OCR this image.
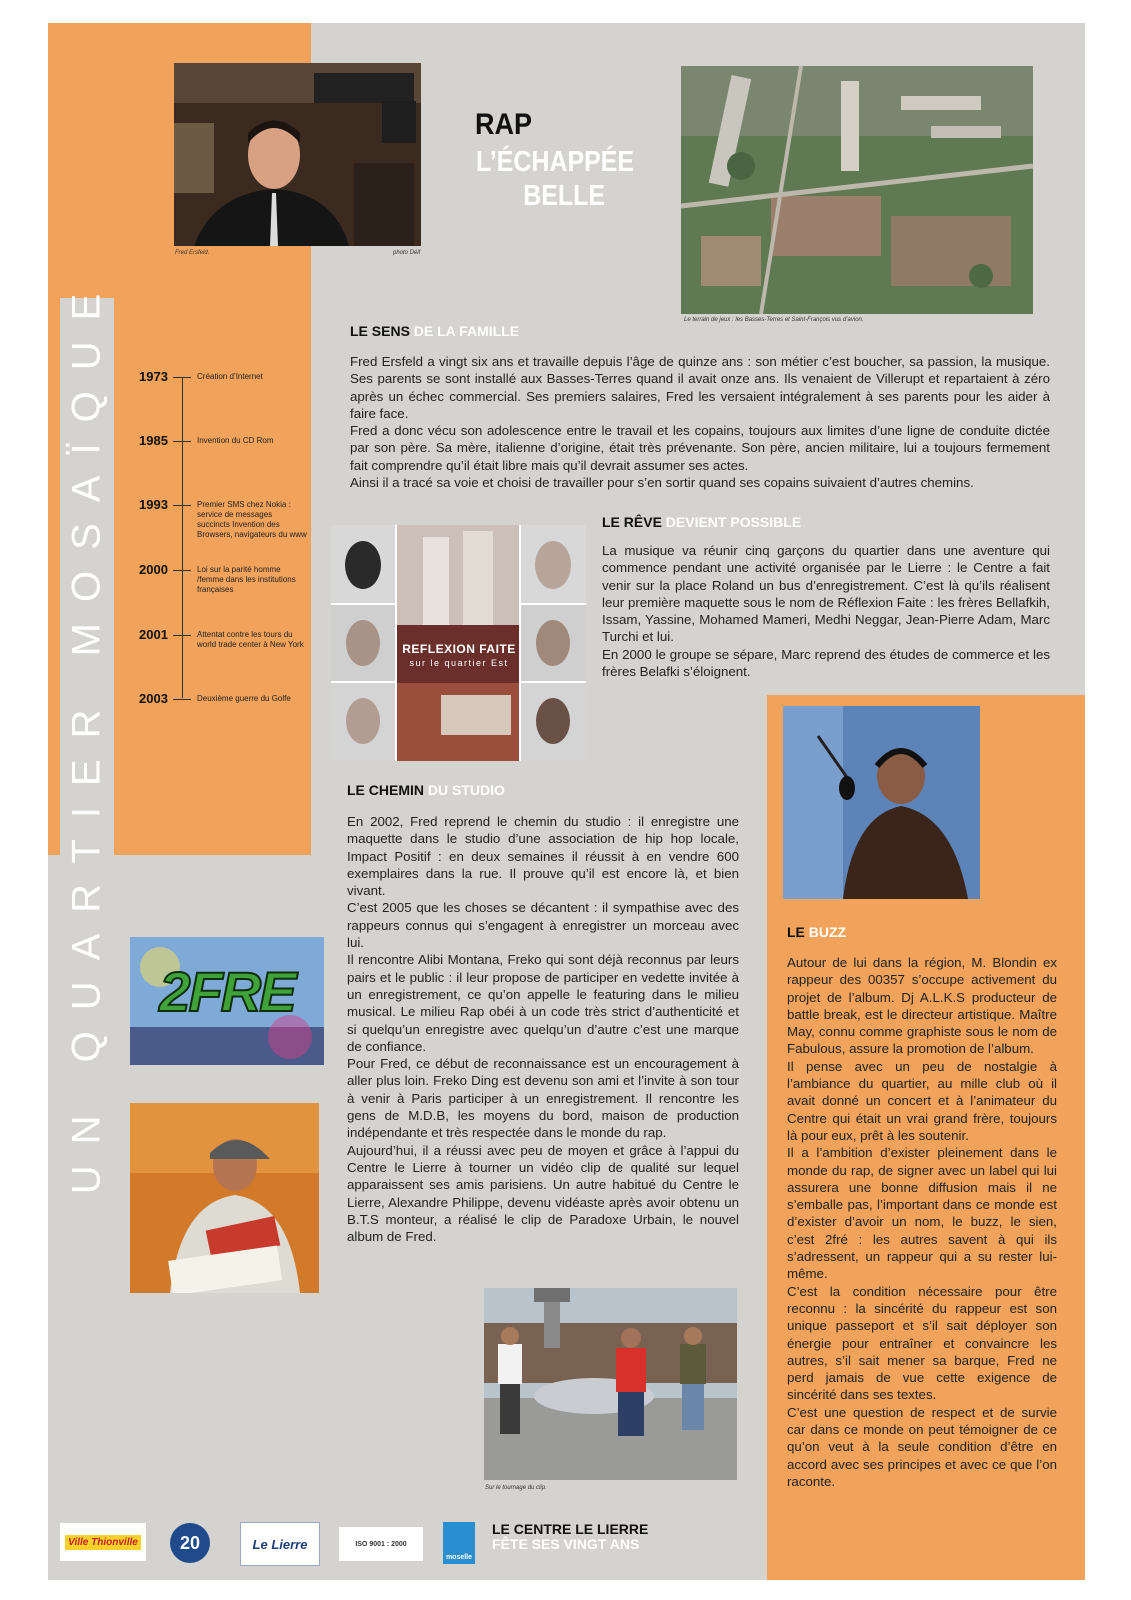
UN QUARTIER MOSAÏQUE
Fred Ersfeld.	photo Déif
RAP
L’ÉCHAPPÉE
BELLE
Le terrain de jeux : les Basses-Terres et Saint-François vus d’avion.
1973	Création d’Internet
1985	Invention du CD Rom
1993	Premier SMS chez Nokia : service de messages succincts Invention des Browsers, navigateurs du www
2000	Loi sur la parité homme /femme dans les institutions françaises
2001	Attentat contre les tours du world trade center à New York
2003	Deuxième guerre du Golfe
LE SENS DE LA FAMILLE

Fred Ersfeld a vingt six ans et travaille depuis l’âge de quinze ans : son métier c’est boucher, sa passion, la musique. Ses parents se sont installé aux Basses-Terres quand il avait onze ans. Ils venaient de Villerupt et repartaient à zéro après un échec commercial. Ses premiers salaires, Fred les versaient intégralement à ses parents pour les aider à faire face.

Fred a donc vécu son adolescence entre le travail et les copains, toujours aux limites d’une ligne de conduite dictée par son père. Sa mère, italienne d’origine, était très prévenante. Son père, ancien militaire, lui a toujours fermement fait comprendre qu’il était libre mais qu’il devrait assumer ses actes.

Ainsi il a tracé sa voie et choisi de travailler pour s’en sortir quand ses copains suivaient d’autres chemins.

REFLEXION FAITE
sur le quartier Est
LE RÊVE DEVIENT POSSIBLE

La musique va réunir cinq garçons du quartier dans une aventure qui commence pendant une activité organisée par le Lierre : le Centre a fait venir sur la place Roland un bus d’enregistrement. C’est là qu’ils réalisent leur première maquette sous le nom de Réflexion Faite : les frères Bellafkih, Issam, Yassine, Mohamed Mameri, Medhi Neggar, Jean-Pierre Adam, Marc Turchi et lui.

En 2000 le groupe se sépare, Marc reprend des études de commerce et les frères Belafki s’éloignent.

LE CHEMIN DU STUDIO

En 2002, Fred reprend le chemin du studio : il enregistre une maquette dans le studio d’une association de hip hop locale, Impact Positif : en deux semaines il réussit à en vendre 600 exemplaires dans la rue. Il prouve qu’il est encore là, et bien vivant.

C’est 2005 que les choses se décantent : il sympathise avec des rappeurs connus qui s’engagent à enregistrer un morceau avec lui.

Il rencontre Alibi Montana, Freko qui sont déjà reconnus par leurs pairs et le public : il leur propose de participer en vedette invitée à un enregistrement, ce qu’on appelle le featuring dans le milieu musical. Le milieu Rap obéi à un code très strict d’authenticité et si quelqu’un enregistre avec quelqu’un d’autre c’est une marque de confiance.

Pour Fred, ce début de reconnaissance est un encouragement à aller plus loin. Freko Ding est devenu son ami et l’invite à son tour à venir à Paris participer à un enregistrement. Il rencontre les gens de M.D.B, les moyens du bord, maison de production indépendante et très respectée dans le monde du rap.

Aujourd’hui, il a réussi avec peu de moyen et grâce à l’appui du Centre le Lierre à tourner un vidéo clip de qualité sur lequel apparaissent ses amis parisiens. Un autre habitué du Centre le Lierre, Alexandre Philippe, devenu vidéaste après avoir obtenu un B.T.S monteur, a réalisé le clip de Paradoxe Urbain, le nouvel album de Fred.

2FRE
LE BUZZ

Autour de lui dans la région, M. Blondin ex rappeur des 00357 s’occupe activement du projet de l’album. Dj A.L.K.S producteur de battle break, est le directeur artistique. Maître May, connu comme graphiste sous le nom de Fabulous, assure la promotion de l’album.

Il pense avec un peu de nostalgie à l’ambiance du quartier, au mille club où il avait donné un concert et à l’animateur du Centre qui était un vrai grand frère, toujours là pour eux, prêt à les soutenir.

Il a l’ambition d’exister pleinement dans le monde du rap, de signer avec un label qui lui assurera une bonne diffusion mais il ne s’emballe pas, l’important dans ce monde est d’exister d’avoir un nom, le buzz, le sien, c’est 2fré : les autres savent à qui ils s’adressent, un rappeur qui a su rester lui-même.

C’est la condition nécessaire pour être reconnu : la sincérité du rappeur est son unique passeport et s’il sait déployer son énergie pour entraîner et convaincre les autres, s’il sait mener sa barque, Fred ne perd jamais de vue cette exigence de sincérité dans ses textes.

C’est une question de respect et de survie car dans ce monde on peut témoigner de ce qu’on veut à la seule condition d’être en accord avec ses principes et avec ce que l’on raconte.

Sur le tournage du clip.
Ville Thionville	20	Le Lierre	ISO 9001 : 2000
moselle
LE CENTRE LE LIERRE
FÊTE SES VINGT ANS
